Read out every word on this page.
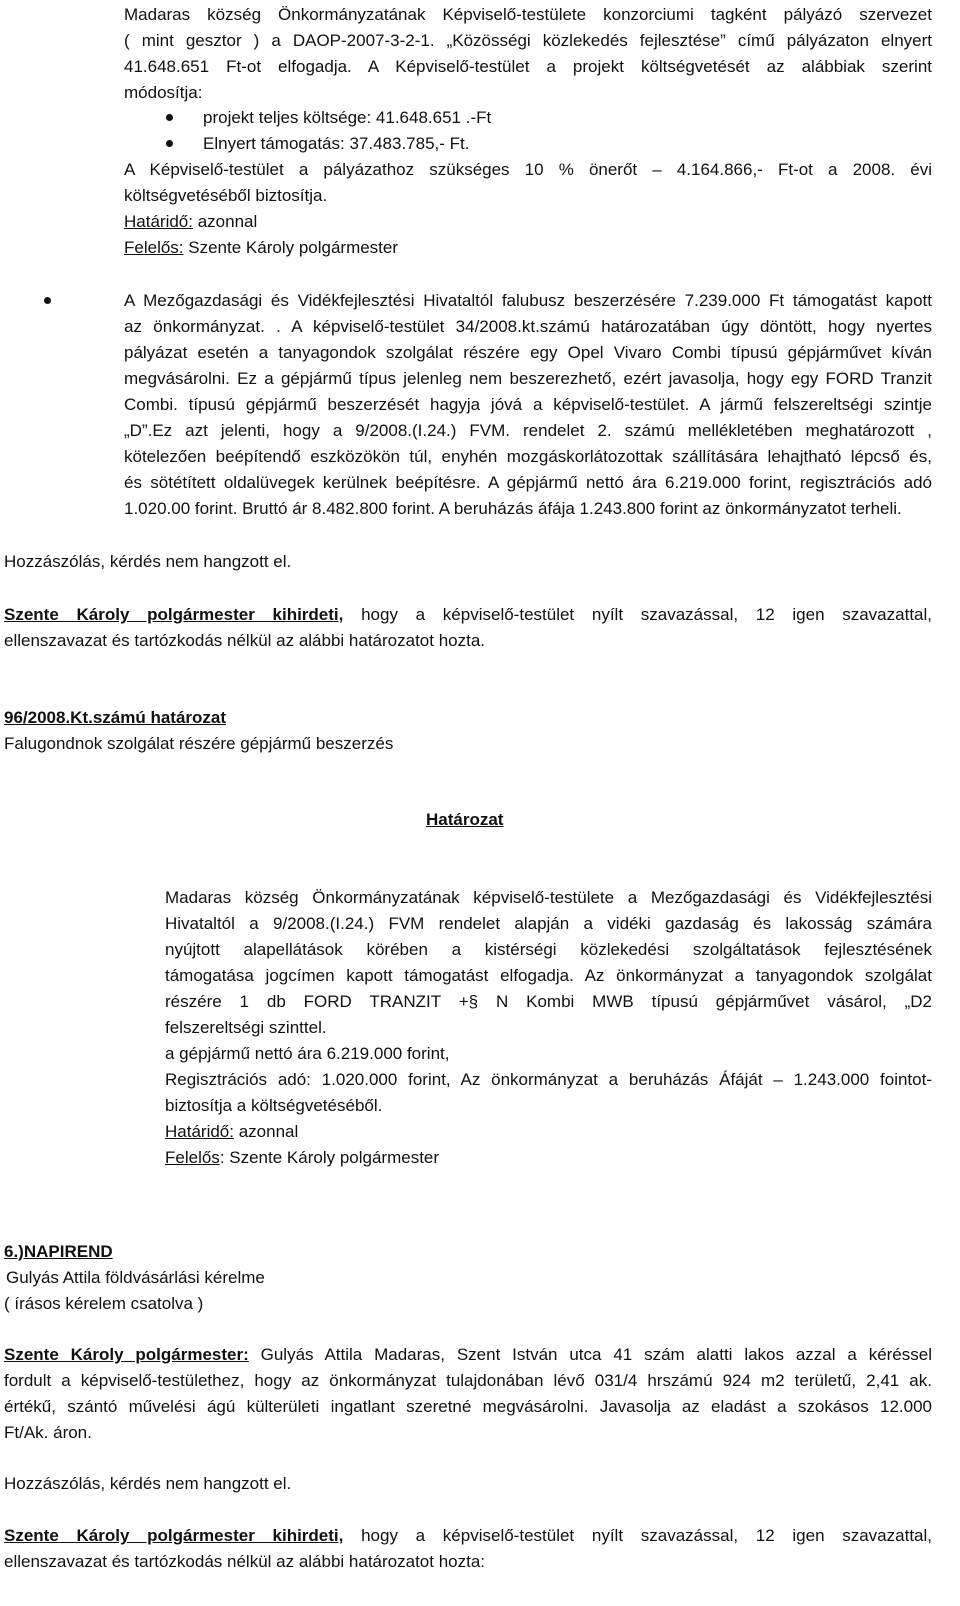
Madaras község Önkormányzatának Képviselő-testülete konzorciumi tagként pályázó szervezet
( mint gesztor ) a DAOP-2007-3-2-1. „Közösségi közlekedés fejlesztése” című pályázaton elnyert
41.648.651 Ft-ot elfogadja. A Képviselő-testület a projekt költségvetését az alábbiak szerint
módosítja:
projekt teljes költsége: 41.648.651 .-Ft
Elnyert támogatás: 37.483.785,- Ft.
A Képviselő-testület a pályázathoz szükséges 10 % önerőt – 4.164.866,- Ft-ot a 2008. évi
költségvetéséből biztosítja.
Határidő: azonnal
Felelős: Szente Károly polgármester
A Mezőgazdasági és Vidékfejlesztési Hivataltól falubusz beszerzésére 7.239.000 Ft támogatást kapott
az önkormányzat. . A képviselő-testület 34/2008.kt.számú határozatában úgy döntött, hogy nyertes
pályázat esetén a tanyagondok szolgálat részére egy Opel Vivaro Combi típusú gépjárművet kíván
megvásárolni. Ez a gépjármű típus jelenleg nem beszerezhető, ezért javasolja, hogy egy FORD Tranzit
Combi. típusú gépjármű beszerzését hagyja jóvá a képviselő-testület. A jármű felszereltségi szintje
„D”.Ez azt jelenti, hogy a 9/2008.(I.24.) FVM. rendelet 2. számú mellékletében meghatározott ,
kötelezően beépítendő eszközökön túl, enyhén mozgáskorlátozottak szállítására lehajtható lépcső és,
és sötétített oldalüvegek kerülnek beépítésre. A gépjármű nettó ára 6.219.000 forint, regisztrációs adó
1.020.00 forint. Bruttó ár 8.482.800 forint. A beruházás áfája 1.243.800 forint az önkormányzatot terheli.
Hozzászólás, kérdés nem hangzott el.
Szente Károly polgármester kihirdeti, hogy a képviselő-testület nyílt szavazással, 12 igen szavazattal,
ellenszavazat és tartózkodás nélkül az alábbi határozatot hozta.
96/2008.Kt.számú határozat
Falugondnok szolgálat részére gépjármű beszerzés
Határozat
Madaras község Önkormányzatának képviselő-testülete a Mezőgazdasági és Vidékfejlesztési
Hivataltól a 9/2008.(I.24.) FVM rendelet alapján a vidéki gazdaság és lakosság számára
nyújtott alapellátások körében a kistérségi közlekedési szolgáltatások fejlesztésének
támogatása jogcímen kapott támogatást elfogadja. Az önkormányzat a tanyagondok szolgálat
részére 1 db FORD TRANZIT +§ N Kombi MWB típusú gépjárművet vásárol, „D2
felszereltségi szinttel.
a gépjármű nettó ára 6.219.000 forint,
Regisztrációs adó: 1.020.000 forint, Az önkormányzat a beruházás Áfáját – 1.243.000 fointot-
biztosítja a költségvetéséből.
Határidő: azonnal
Felelős: Szente Károly polgármester
6.)NAPIREND
Gulyás Attila földvásárlási kérelme
( írásos kérelem csatolva )
Szente Károly polgármester: Gulyás Attila Madaras, Szent István utca 41 szám alatti lakos azzal a kéréssel
fordult a képviselő-testülethez, hogy az önkormányzat tulajdonában lévő 031/4 hrszámú 924 m2 területű, 2,41 ak.
értékű, szántó művelési ágú külterületi ingatlant szeretné megvásárolni. Javasolja az eladást a szokásos 12.000
Ft/Ak. áron.
Hozzászólás, kérdés nem hangzott el.
Szente Károly polgármester kihirdeti, hogy a képviselő-testület nyílt szavazással, 12 igen szavazattal,
ellenszavazat és tartózkodás nélkül az alábbi határozatot hozta:
